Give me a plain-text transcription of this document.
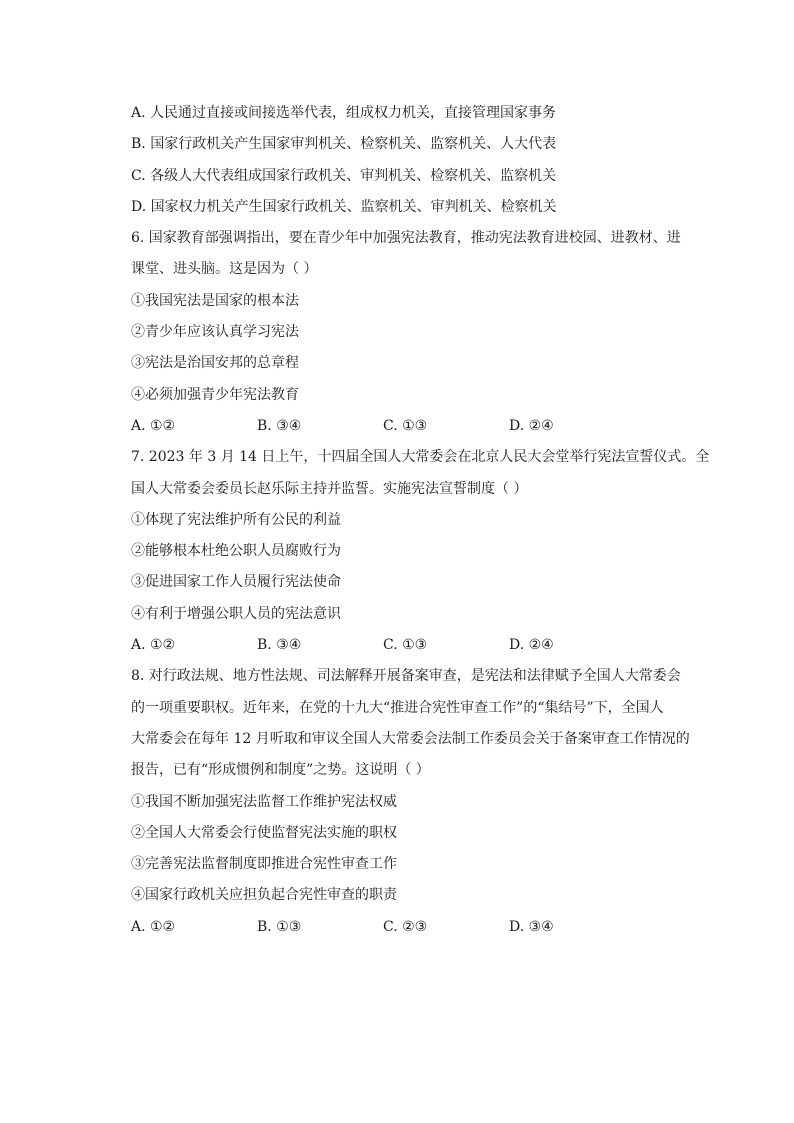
A. 人民通过直接或间接选举代表，组成权力机关，直接管理国家事务
B. 国家行政机关产生国家审判机关、检察机关、监察机关、人大代表
C. 各级人大代表组成国家行政机关、审判机关、检察机关、监察机关
D. 国家权力机关产生国家行政机关、监察机关、审判机关、检察机关
6. 国家教育部强调指出，要在青少年中加强宪法教育，推动宪法教育进校园、进教材、进
课堂、进头脑。这是因为（ ）
①我国宪法是国家的根本法
②青少年应该认真学习宪法
③宪法是治国安邦的总章程
④必须加强青少年宪法教育
A. ①②	B. ③④	C. ①③	D. ②④
7. 2023 年 3 月 14 日上午，十四届全国人大常委会在北京人民大会堂举行宪法宣誓仪式。全
国人大常委会委员长赵乐际主持并监誓。实施宪法宣誓制度（ ）
①体现了宪法维护所有公民的利益
②能够根本杜绝公职人员腐败行为
③促进国家工作人员履行宪法使命
④有利于增强公职人员的宪法意识
A. ①②	B. ③④	C. ①③	D. ②④
8. 对行政法规、地方性法规、司法解释开展备案审查，是宪法和法律赋予全国人大常委会
的一项重要职权。近年来，在党的十九大“推进合宪性审查工作”的“集结号”下，全国人
大常委会在每年 12 月听取和审议全国人大常委会法制工作委员会关于备案审查工作情况的
报告，已有“形成惯例和制度”之势。这说明（ ）
①我国不断加强宪法监督工作维护宪法权威
②全国人大常委会行使监督宪法实施的职权
③完善宪法监督制度即推进合宪性审查工作
④国家行政机关应担负起合宪性审查的职责
A. ①②	B. ①③	C. ②③	D. ③④
